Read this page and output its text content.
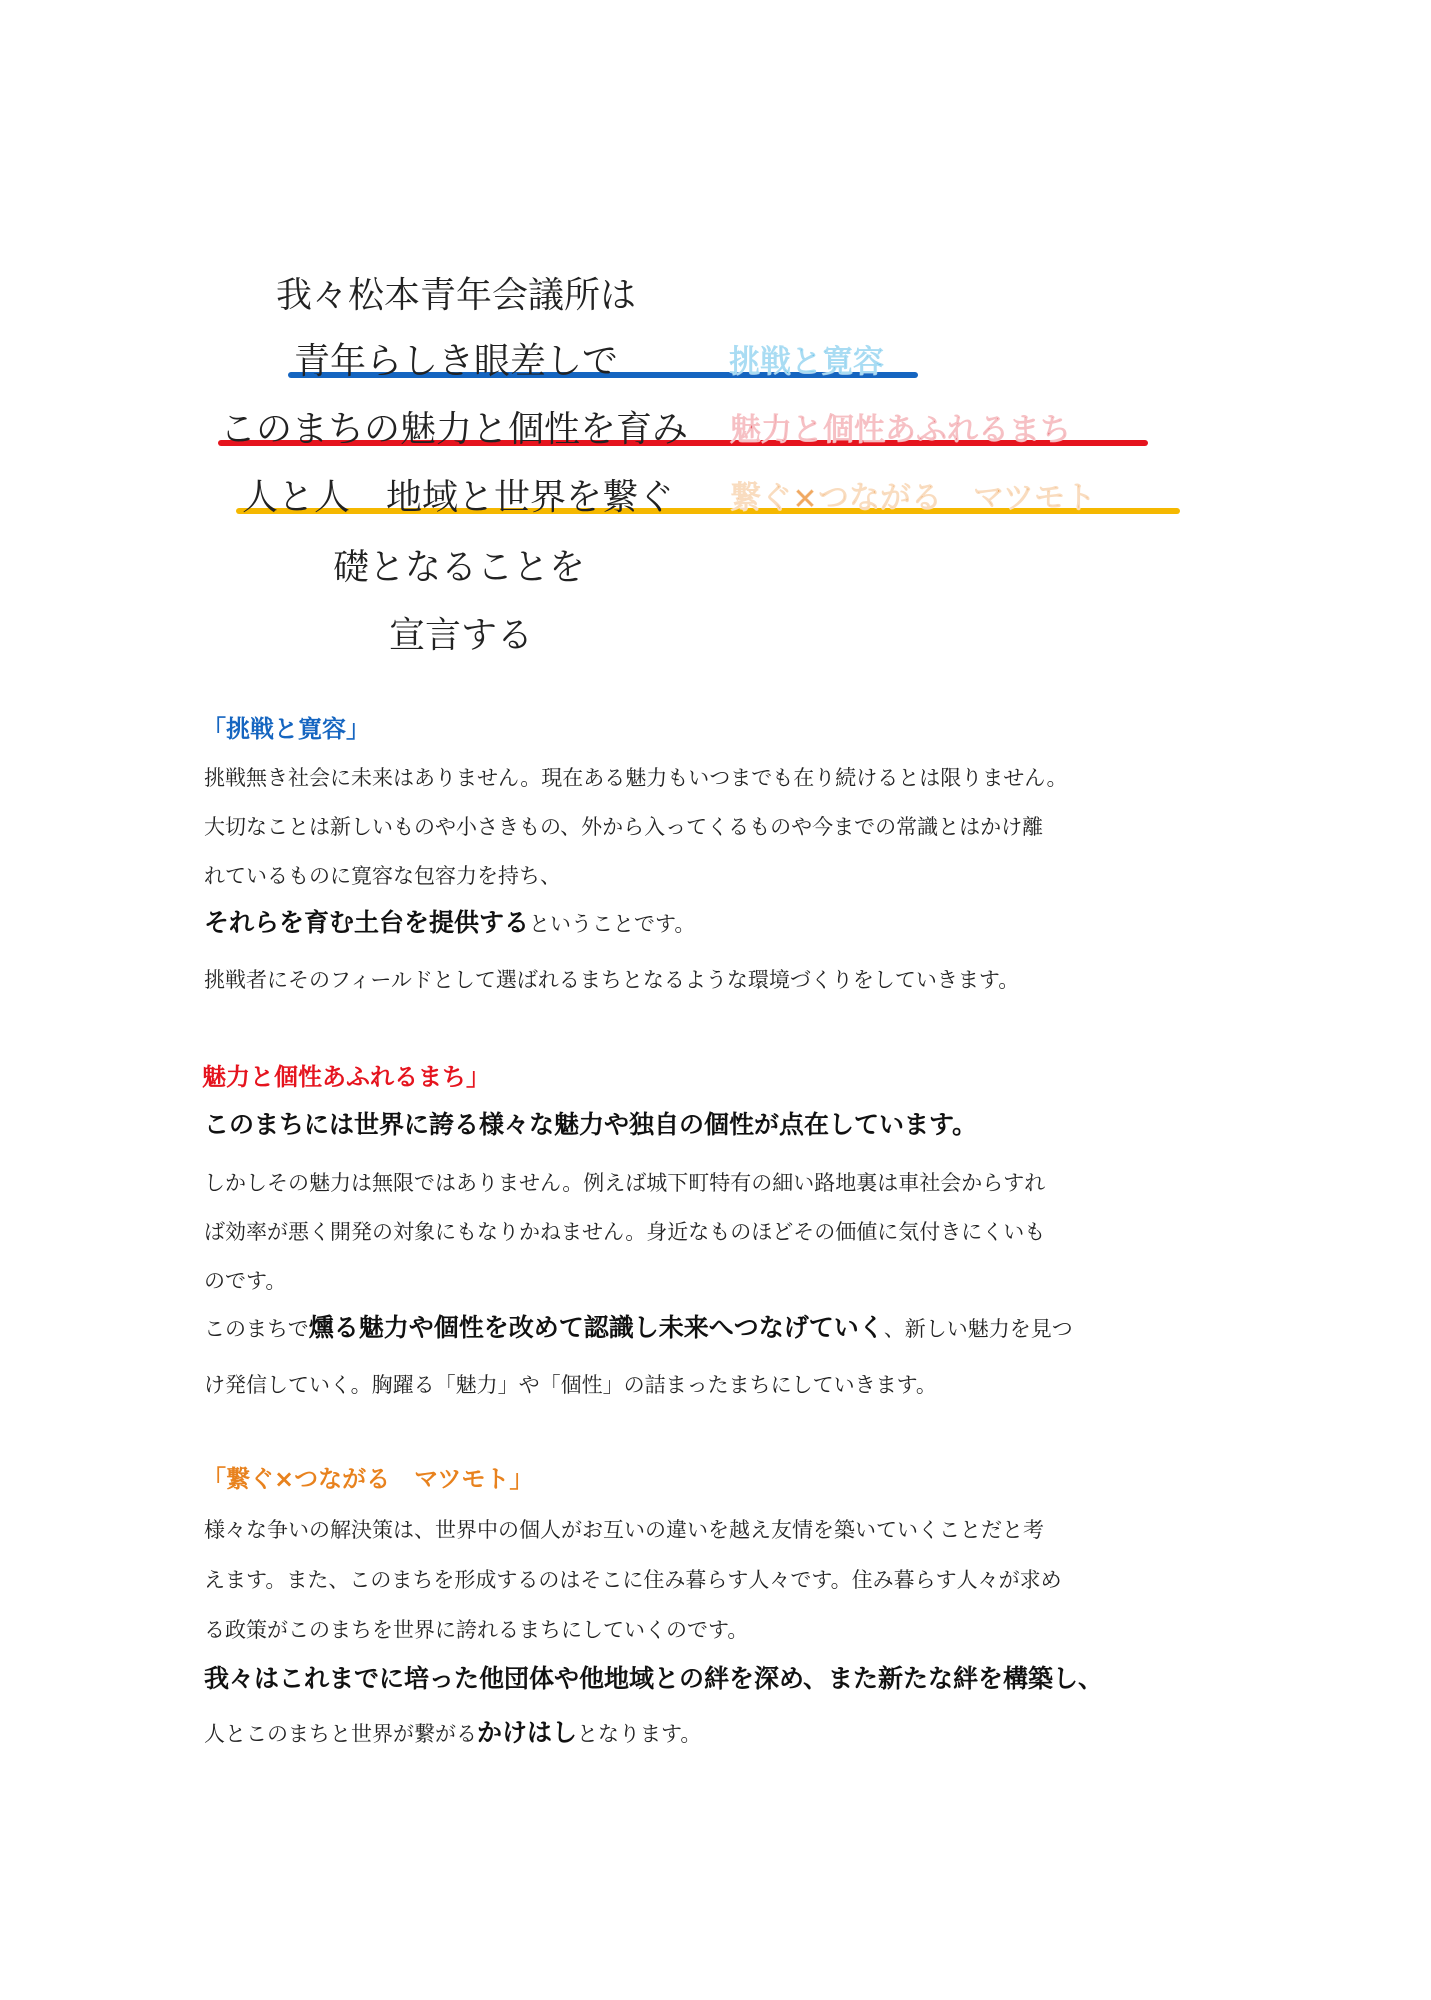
我々松本青年会議所は
青年らしき眼差しで	挑戦と寛容
このまちの魅力と個性を育み 魅力と個性あふれるまち
人と人　地域と世界を繋ぐ 繋ぐ×つながる　マツモト
礎となることを
宣言する
「挑戦と寛容」
挑戦無き社会に未来はありません。現在ある魅力もいつまでも在り続けるとは限りません。
大切なことは新しいものや小さきもの、外から入ってくるものや今までの常識とはかけ離
れているものに寛容な包容力を持ち、
それらを育む土台を提供するということです。
挑戦者にそのフィールドとして選ばれるまちとなるような環境づくりをしていきます。
魅力と個性あふれるまち」
このまちには世界に誇る様々な魅力や独自の個性が点在しています。
しかしその魅力は無限ではありません。例えば城下町特有の細い路地裏は車社会からすれ
ば効率が悪く開発の対象にもなりかねません。身近なものほどその価値に気付きにくいも
のです。
このまちで燻る魅力や個性を改めて認識し未来へつなげていく、新しい魅力を見つ
け発信していく。胸躍る「魅力」や「個性」の詰まったまちにしていきます。
「繋ぐ×つながる　マツモト」
様々な争いの解決策は、世界中の個人がお互いの違いを越え友情を築いていくことだと考
えます。また、このまちを形成するのはそこに住み暮らす人々です。住み暮らす人々が求め
る政策がこのまちを世界に誇れるまちにしていくのです。
我々はこれまでに培った他団体や他地域との絆を深め、また新たな絆を構築し、
人とこのまちと世界が繋がるかけはしとなります。
